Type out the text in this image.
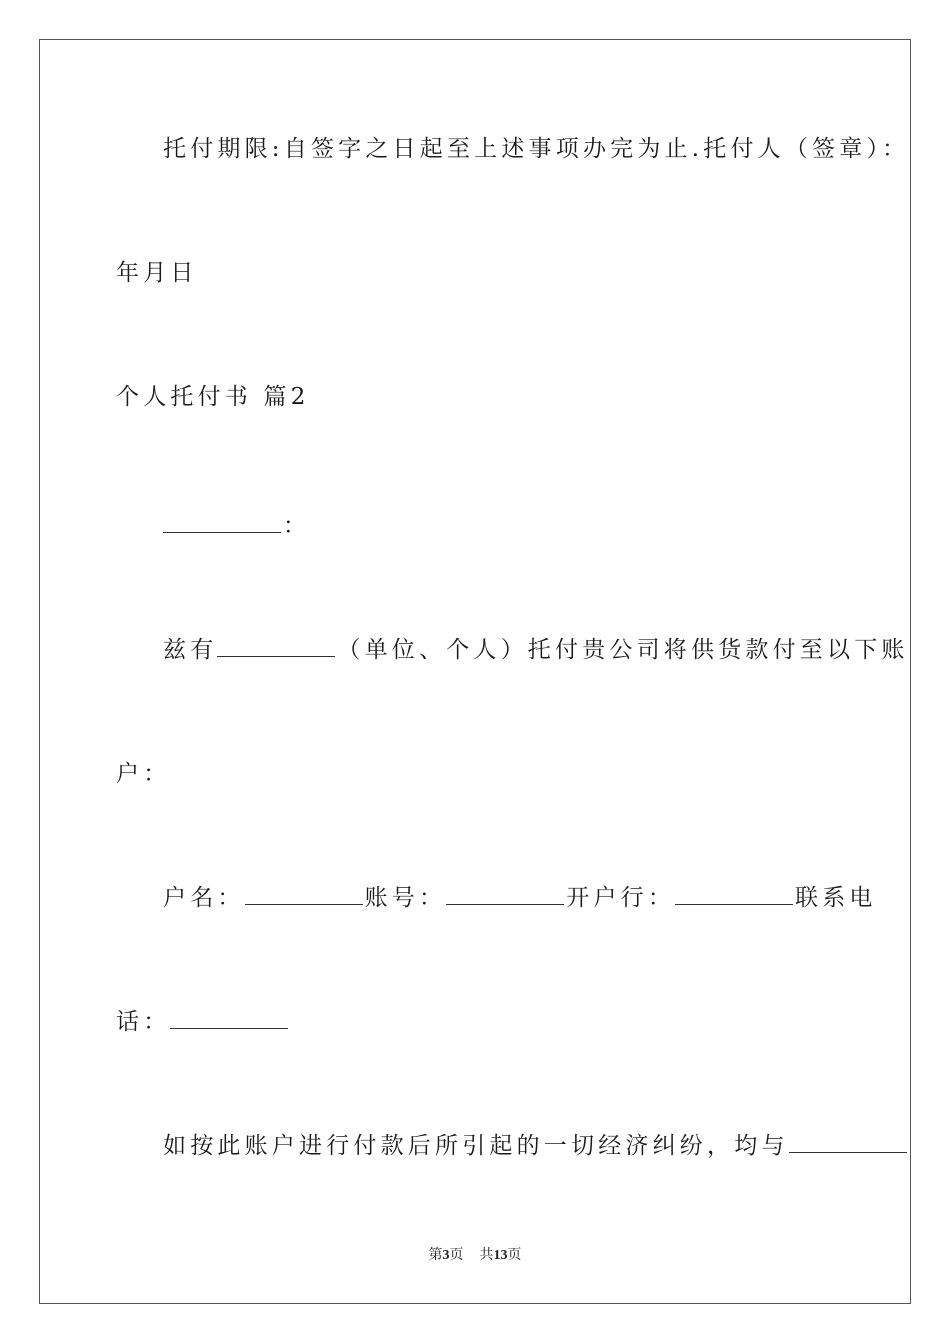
托付期限:自签字之日起至上述事项办完为止.托付人（签章）：
年月日
个人托付书 篇2
：
兹有	（单位、个人）托付贵公司将供货款付至以下账
户：
户名：	账号：	开户行：	联系电
话：
如按此账户进行付款后所引起的一切经济纠纷，均与
第3页 共13页
